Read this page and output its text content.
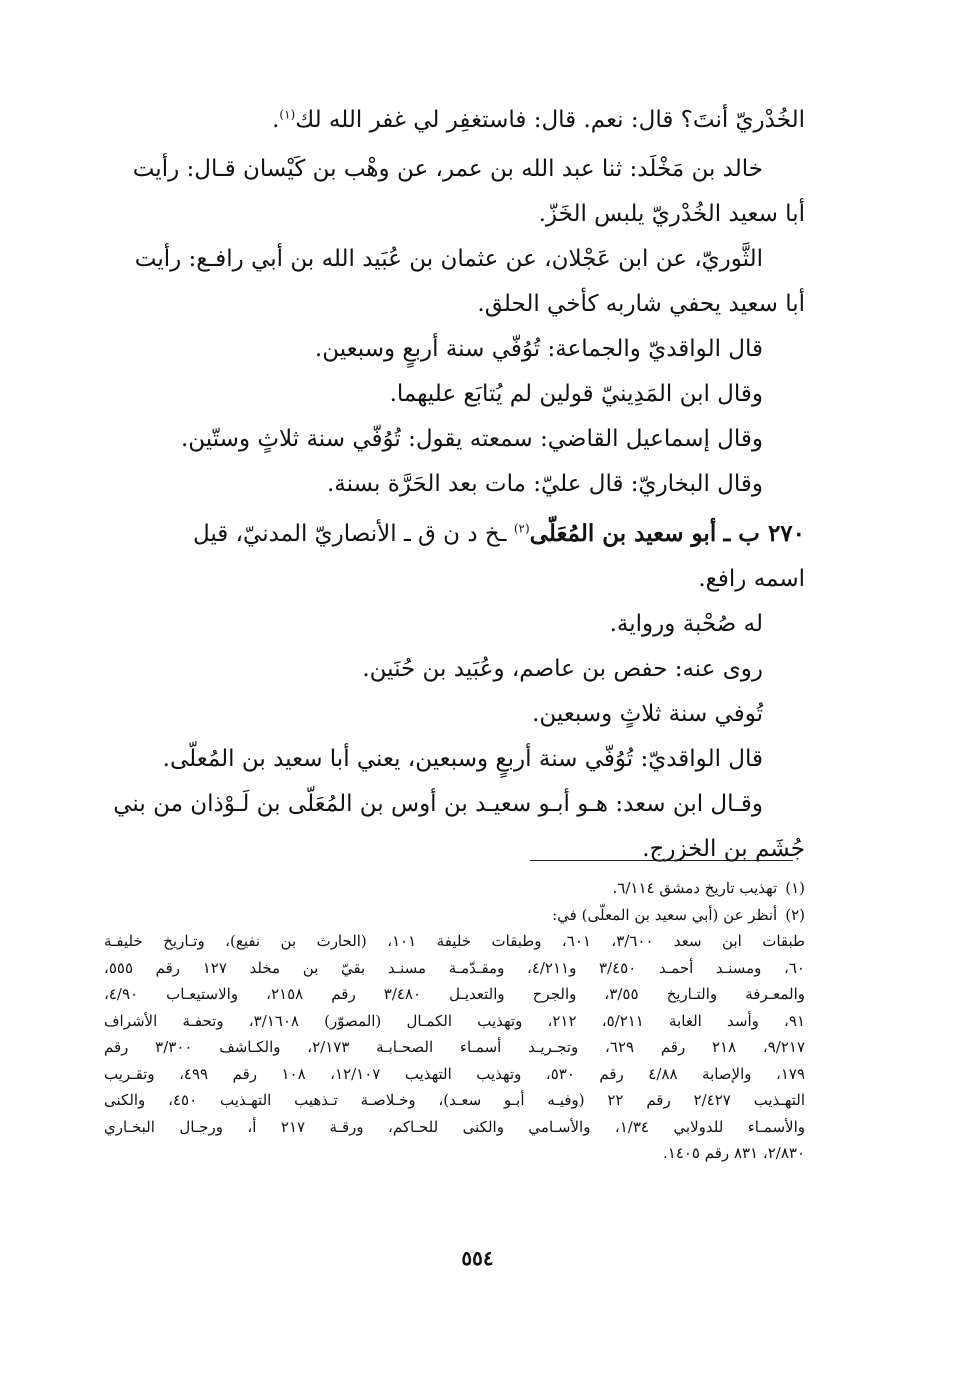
الخُدْريّ أنتَ؟ قال: نعم. قال: فاستغفِر لي غفر الله لك$^{(١)}$.
خالد بن مَخْلَد: ثنا عبد الله بن عمر، عن وهْب بن كَيْسان قـال: رأيت
أبا سعيد الخُدْريّ يلبس الخَزّ.
الثَّوريّ، عن ابن عَجْلان، عن عثمان بن عُبَيد الله بن أبي رافـع: رأيت
أبا سعيد يحفي شاربه كأخي الحلق.
قال الواقديّ والجماعة: تُوُفّي سنة أربعٍ وسبعين.
وقال ابن المَدِينيّ قولين لم يُتابَع عليهما.
وقال إسماعيل القاضي: سمعته يقول: تُوُفّي سنة ثلاثٍ وستّين.
وقال البخاريّ: قال عليّ: مات بعد الحَرَّة بسنة.
٢٧٠ ب ـ أبو سعيد بن المُعَلّى$^{(٢)}$ ـخ د ن ق ـ الأنصاريّ المدنيّ، قيل
اسمه رافع.
له صُحْبة ورواية.
روى عنه: حفص بن عاصم، وعُبَيد بن حُنَين.
تُوفي سنة ثلاثٍ وسبعين.
قال الواقديّ: تُوُفّي سنة أربعٍ وسبعين، يعني أبا سعيد بن المُعلّى.
وقـال ابن سعد: هـو أبـو سعيـد بن أوس بن المُعَلّى بن لَـوْذان من بني
جُشَم بن الخزرج.
(١)تهذيب تاريخ دمشق ٦/١١٤.
(٢)أنظر عن (أبي سعيد بن المعلّى) في:
طبقات ابن سعد ٣/٦٠٠، ٦٠١، وطبقات خليفة ١٠١، (الحارث بن نفيع)، وتـاريخ خليفـة
٦٠، ومسنـد أحمـد ٣/٤٥٠ و٤/٢١١، ومقـدّمـة مسنـد بقيّ بن مخلد ١٢٧ رقم ٥٥٥،
والمعـرفة والتـاريخ ٣/٥٥، والجرح والتعديـل ٣/٤٨٠ رقم ٢١٥٨، والاستيعـاب ٤/٩٠،
٩١، وأسد الغابة ٥/٢١١، ٢١٢، وتهذيب الكمـال (المصوّر) ٣/١٦٠٨، وتحفـة الأشراف
٩/٢١٧، ٢١٨ رقم ٦٢٩، وتجـريـد أسمـاء الصحـابـة ٢/١٧٣، والكـاشف ٣/٣٠٠ رقم
١٧٩، والإصابة ٤/٨٨ رقم ٥٣٠، وتهذيب التهذيب ١٢/١٠٧، ١٠٨ رقم ٤٩٩، وتقـريب
التهـذيب ٢/٤٢٧ رقم ٢٢ (وفيـه أبـو سعـد)، وخـلاصـة تـذهيب التهـذيب ٤٥٠، والكنى
والأسمـاء للدولابي ١/٣٤، والأسـامي والكنى للحـاكم، ورقـة ٢١٧ أ، ورجـال البخـاري
٢/٨٣٠، ٨٣١ رقم ١٤٠٥.
٥٥٤
